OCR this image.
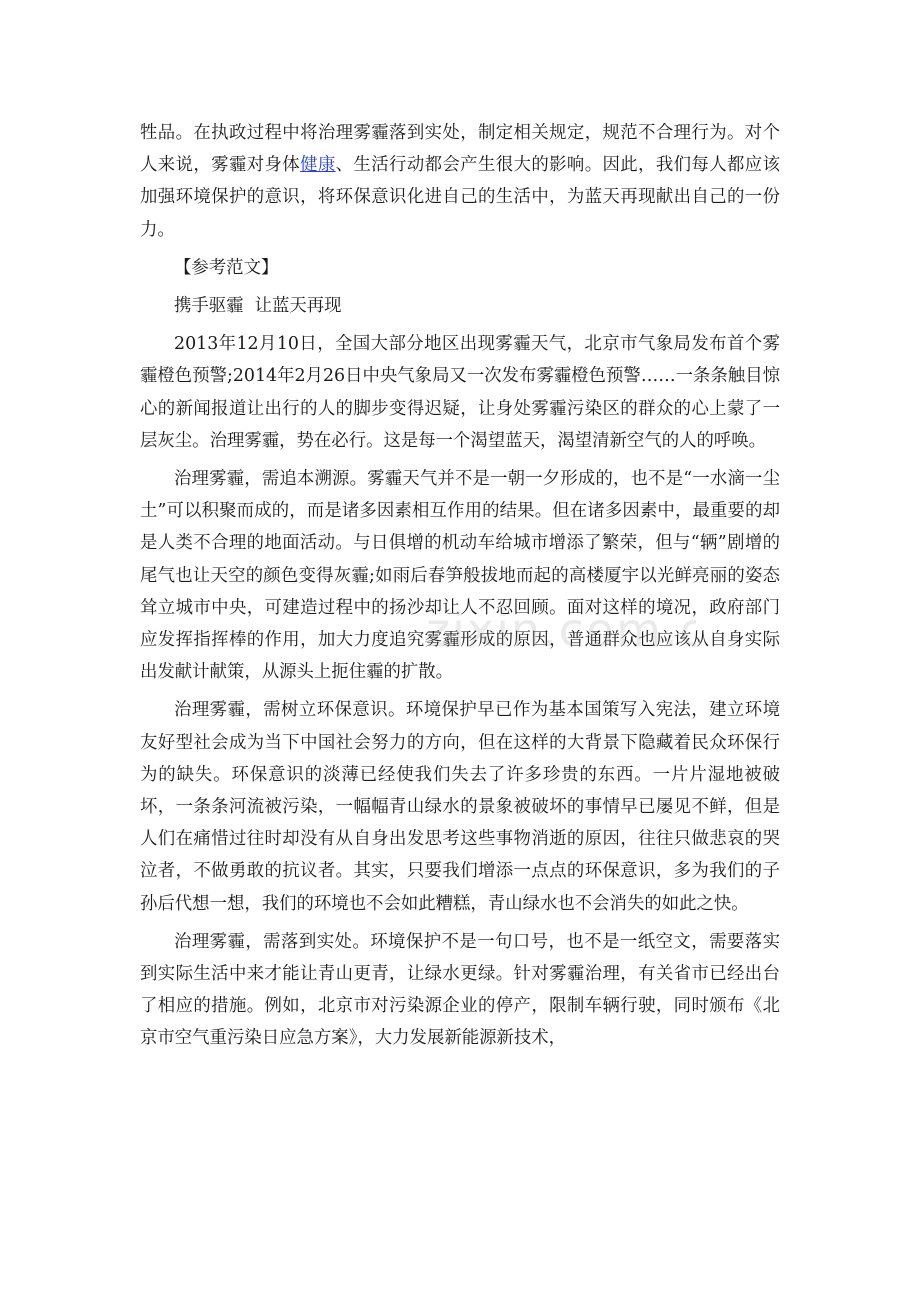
牲品。在执政过程中将治理雾霾落到实处，制定相关规定，规范不合理行为。对个人来说，雾霾对身体健康、生活行动都会产生很大的影响。因此，我们每人都应该加强环境保护的意识，将环保意识化进自己的生活中，为蓝天再现献出自己的一份力。

【参考范文】

携手驱霾  让蓝天再现

2013年12月10日，全国大部分地区出现雾霾天气，北京市气象局发布首个雾霾橙色预警;2014年2月26日中央气象局又一次发布雾霾橙色预警……一条条触目惊心的新闻报道让出行的人的脚步变得迟疑，让身处雾霾污染区的群众的心上蒙了一层灰尘。治理雾霾，势在必行。这是每一个渴望蓝天，渴望清新空气的人的呼唤。

治理雾霾，需追本溯源。雾霾天气并不是一朝一夕形成的，也不是“一水滴一尘土”可以积聚而成的，而是诸多因素相互作用的结果。但在诸多因素中，最重要的却是人类不合理的地面活动。与日俱增的机动车给城市增添了繁荣，但与“辆”剧增的尾气也让天空的颜色变得灰霾;如雨后春笋般拔地而起的高楼厦宇以光鲜亮丽的姿态耸立城市中央，可建造过程中的扬沙却让人不忍回顾。面对这样的境况，政府部门应发挥指挥棒的作用，加大力度追究雾霾形成的原因，普通群众也应该从自身实际出发献计献策，从源头上扼住霾的扩散。

治理雾霾，需树立环保意识。环境保护早已作为基本国策写入宪法，建立环境友好型社会成为当下中国社会努力的方向，但在这样的大背景下隐藏着民众环保行为的缺失。环保意识的淡薄已经使我们失去了许多珍贵的东西。一片片湿地被破坏，一条条河流被污染，一幅幅青山绿水的景象被破坏的事情早已屡见不鲜，但是人们在痛惜过往时却没有从自身出发思考这些事物消逝的原因，往往只做悲哀的哭泣者，不做勇敢的抗议者。其实，只要我们增添一点点的环保意识，多为我们的子孙后代想一想，我们的环境也不会如此糟糕，青山绿水也不会消失的如此之快。

治理雾霾，需落到实处。环境保护不是一句口号，也不是一纸空文，需要落实到实际生活中来才能让青山更青，让绿水更绿。针对雾霾治理，有关省市已经出台了相应的措施。例如，北京市对污染源企业的停产，限制车辆行驶，同时颁布《北京市空气重污染日应急方案》，大力发展新能源新技术，

zixin.com.c
